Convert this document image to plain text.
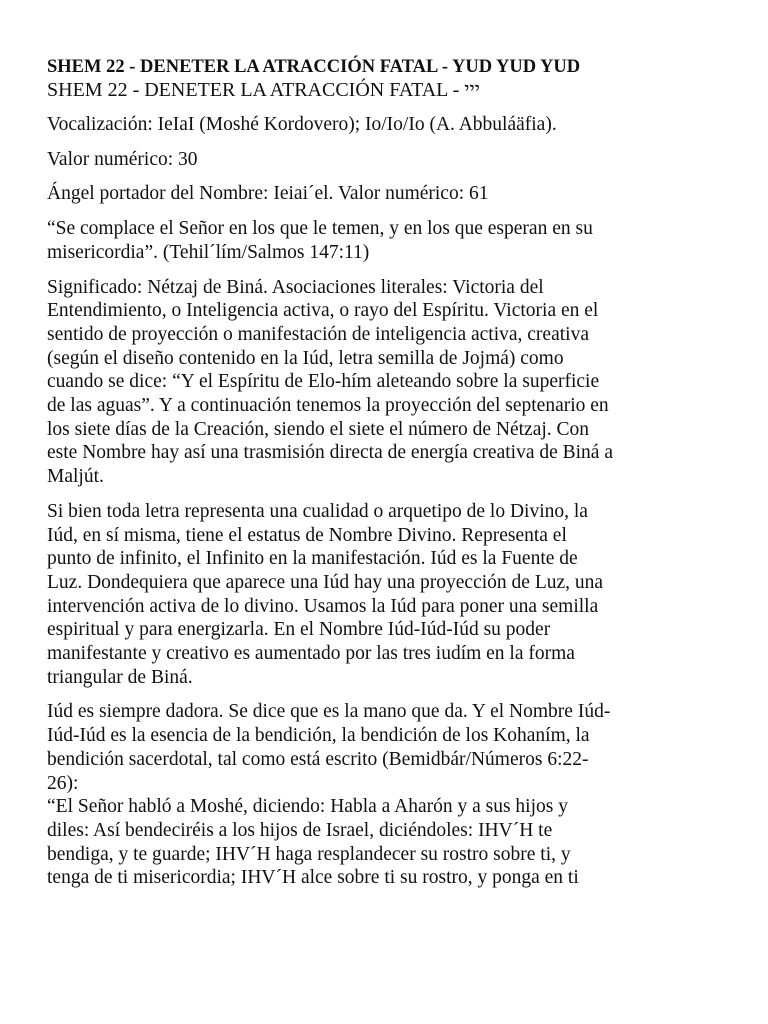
SHEM 22 - DENETER LA ATRACCIÓN FATAL - YUD YUD YUD

SHEM 22 - DENETER LA ATRACCIÓN FATAL - ייי

Vocalización: IeIaI (Moshé Kordovero); Io/Io/Io (A. Abbuláäfia).

Valor numérico: 30

Ángel portador del Nombre: Ieiai´el. Valor numérico: 61

“Se complace el Señor en los que le temen, y en los que esperan en su
misericordia”. (Tehil´lím/Salmos 147:11)

Significado: Nétzaj de Biná. Asociaciones literales: Victoria del
Entendimiento, o Inteligencia activa, o rayo del Espíritu. Victoria en el
sentido de proyección o manifestación de inteligencia activa, creativa
(según el diseño contenido en la Iúd, letra semilla de Jojmá) como
cuando se dice: “Y el Espíritu de Elo-hím aleteando sobre la superficie
de las aguas”. Y a continuación tenemos la proyección del septenario en
los siete días de la Creación, siendo el siete el número de Nétzaj. Con
este Nombre hay así una trasmisión directa de energía creativa de Biná a
Maljút.

Si bien toda letra representa una cualidad o arquetipo de lo Divino, la
Iúd, en sí misma, tiene el estatus de Nombre Divino. Representa el
punto de infinito, el Infinito en la manifestación. Iúd es la Fuente de
Luz. Dondequiera que aparece una Iúd hay una proyección de Luz, una
intervención activa de lo divino. Usamos la Iúd para poner una semilla
espiritual y para energizarla. En el Nombre Iúd-Iúd-Iúd su poder
manifestante y creativo es aumentado por las tres iudím en la forma
triangular de Biná.

Iúd es siempre dadora. Se dice que es la mano que da. Y el Nombre Iúd-
Iúd-Iúd es la esencia de la bendición, la bendición de los Kohaním, la
bendición sacerdotal, tal como está escrito (Bemidbár/Números 6:22-
26):
“El Señor habló a Moshé, diciendo: Habla a Aharón y a sus hijos y
diles: Así bendeciréis a los hijos de Israel, diciéndoles: IHV´H te
bendiga, y te guarde; IHV´H haga resplandecer su rostro sobre ti, y
tenga de ti misericordia; IHV´H alce sobre ti su rostro, y ponga en ti
